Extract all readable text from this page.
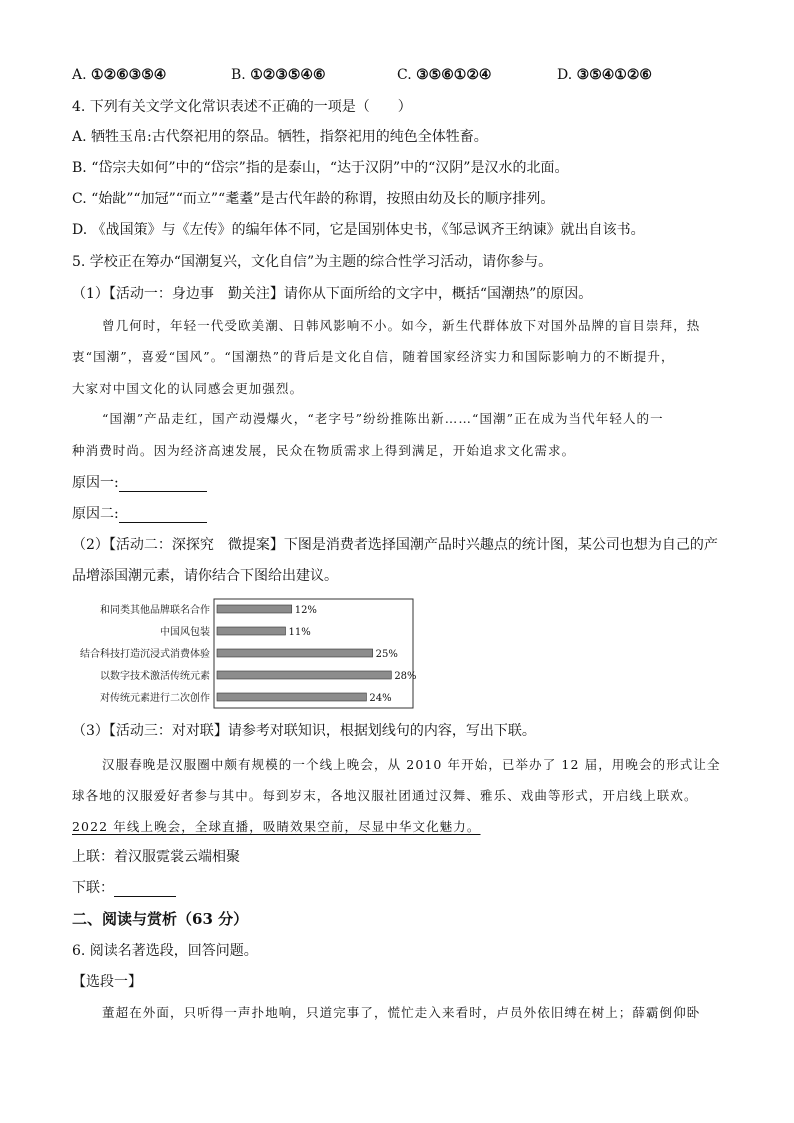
A. ①②⑥③⑤④	B. ①②③⑤④⑥	C. ③⑤⑥①②④	D. ③⑤④①②⑥
4. 下列有关文学文化常识表述不正确的一项是（　　）
A. 牺牲玉帛:古代祭祀用的祭品。牺牲，指祭祀用的纯色全体牲畜。
B. “岱宗夫如何”中的“岱宗”指的是泰山，“达于汉阴”中的“汉阴”是汉水的北面。
C. “始龀”“加冠”“而立”“耄耋”是古代年龄的称谓，按照由幼及长的顺序排列。
D. 《战国策》与《左传》的编年体不同，它是国别体史书，《邹忌讽齐王纳谏》就出自该书。
5. 学校正在筹办“国潮复兴，文化自信”为主题的综合性学习活动，请你参与。
（1）【活动一：身边事　勤关注】请你从下面所给的文字中，概括“国潮热”的原因。
曾几何时，年轻一代受欧美潮、日韩风影响不小。如今，新生代群体放下对国外品牌的盲目崇拜，热
衷“国潮”，喜爱“国风”。“国潮热”的背后是文化自信，随着国家经济实力和国际影响力的不断提升，
大家对中国文化的认同感会更加强烈。
“国潮”产品走红，国产动漫爆火，“老字号”纷纷推陈出新……“国潮”正在成为当代年轻人的一
种消费时尚。因为经济高速发展，民众在物质需求上得到满足，开始追求文化需求。
原因一:
原因二:
（2）【活动二：深探究　微提案】下图是消费者选择国潮产品时兴趣点的统计图，某公司也想为自己的产
品增添国潮元素，请你结合下图给出建议。
和同类其他品牌联名合作	12%
中国风包装	11%
结合科技打造沉浸式消费体验	25%
以数字技术激活传统元素	28%
对传统元素进行二次创作	24%
（3）【活动三：对对联】请参考对联知识，根据划线句的内容，写出下联。
汉服春晚是汉服圈中颇有规模的一个线上晚会，从 2010 年开始，已举办了 12 届，用晚会的形式让全
球各地的汉服爱好者参与其中。每到岁末，各地汉服社团通过汉舞、雅乐、戏曲等形式，开启线上联欢。
2022 年线上晚会，全球直播，吸睛效果空前，尽显中华文化魅力。
上联：着汉服霓裳云端相聚
下联：
二、阅读与赏析（63 分）
6. 阅读名著选段，回答问题。
【选段一】
董超在外面，只听得一声扑地响，只道完事了，慌忙走入来看时，卢员外依旧缚在树上；薛霸倒仰卧
